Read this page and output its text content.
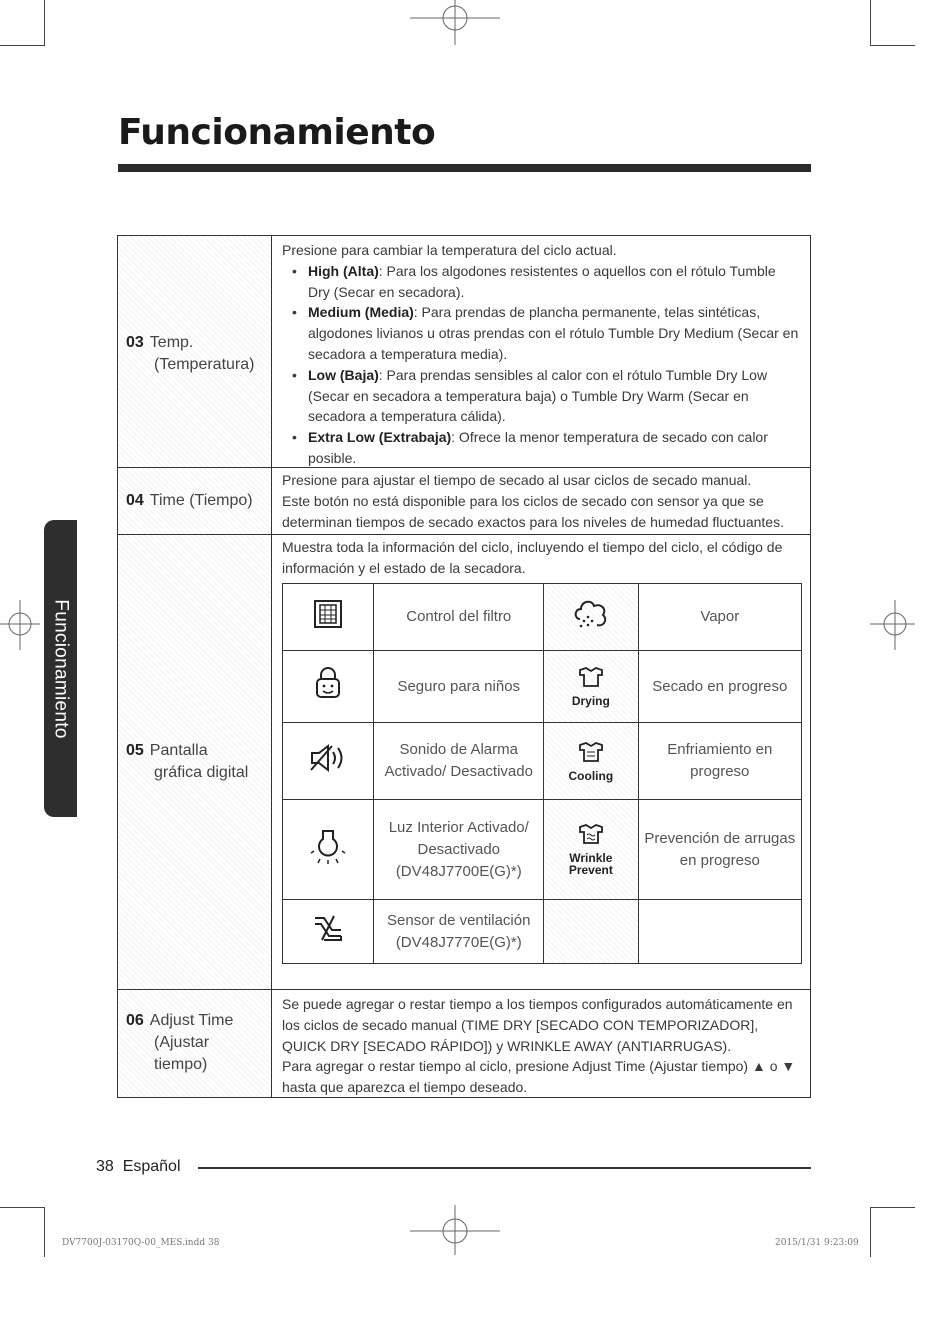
Funcionamiento
Funcionamiento
03 Temp.
(Temperatura)

Presione para cambiar la temperatura del ciclo actual.

• High (Alta): Para los algodones resistentes o aquellos con el rótulo Tumble Dry (Secar en secadora).

• Medium (Media): Para prendas de plancha permanente, telas sintéticas, algodones livianos u otras prendas con el rótulo Tumble Dry Medium (Secar en secadora a temperatura media).

• Low (Baja): Para prendas sensibles al calor con el rótulo Tumble Dry Low (Secar en secadora a temperatura baja) o Tumble Dry Warm (Secar en secadora a temperatura cálida).

• Extra Low (Extrabaja): Ofrece la menor temperatura de secado con calor posible.

04 Time (Tiempo)

Presione para ajustar el tiempo de secado al usar ciclos de secado manual.

Este botón no está disponible para los ciclos de secado con sensor ya que se determinan tiempos de secado exactos para los niveles de humedad fluctuantes.

05 Pantalla
gráfica digital

Muestra toda la información del ciclo, incluyendo el tiempo del ciclo, el código de información y el estado de la secadora.

	Control del filtro		Vapor
	Seguro para niños	Drying	Secado en progreso
	Sonido de Alarma Activado/ Desactivado	Cooling	Enfriamiento en progreso
	Luz Interior Activado/ Desactivado (DV48J7700E(G)*)	Wrinkle Prevent	Prevención de arrugas en progreso
	Sensor de ventilación (DV48J7770E(G)*)		
06 Adjust Time
(Ajustar
tiempo)

Se puede agregar o restar tiempo a los tiempos configurados automáticamente en los ciclos de secado manual (TIME DRY [SECADO CON TEMPORIZADOR], QUICK DRY [SECADO RÁPIDO]) y WRINKLE AWAY (ANTIARRUGAS).

Para agregar o restar tiempo al ciclo, presione Adjust Time (Ajustar tiempo) ▲ o ▼ hasta que aparezca el tiempo deseado.

38 Español
DV7700J-03170Q-00_MES.indd 38	2015/1/31 9:23:09
